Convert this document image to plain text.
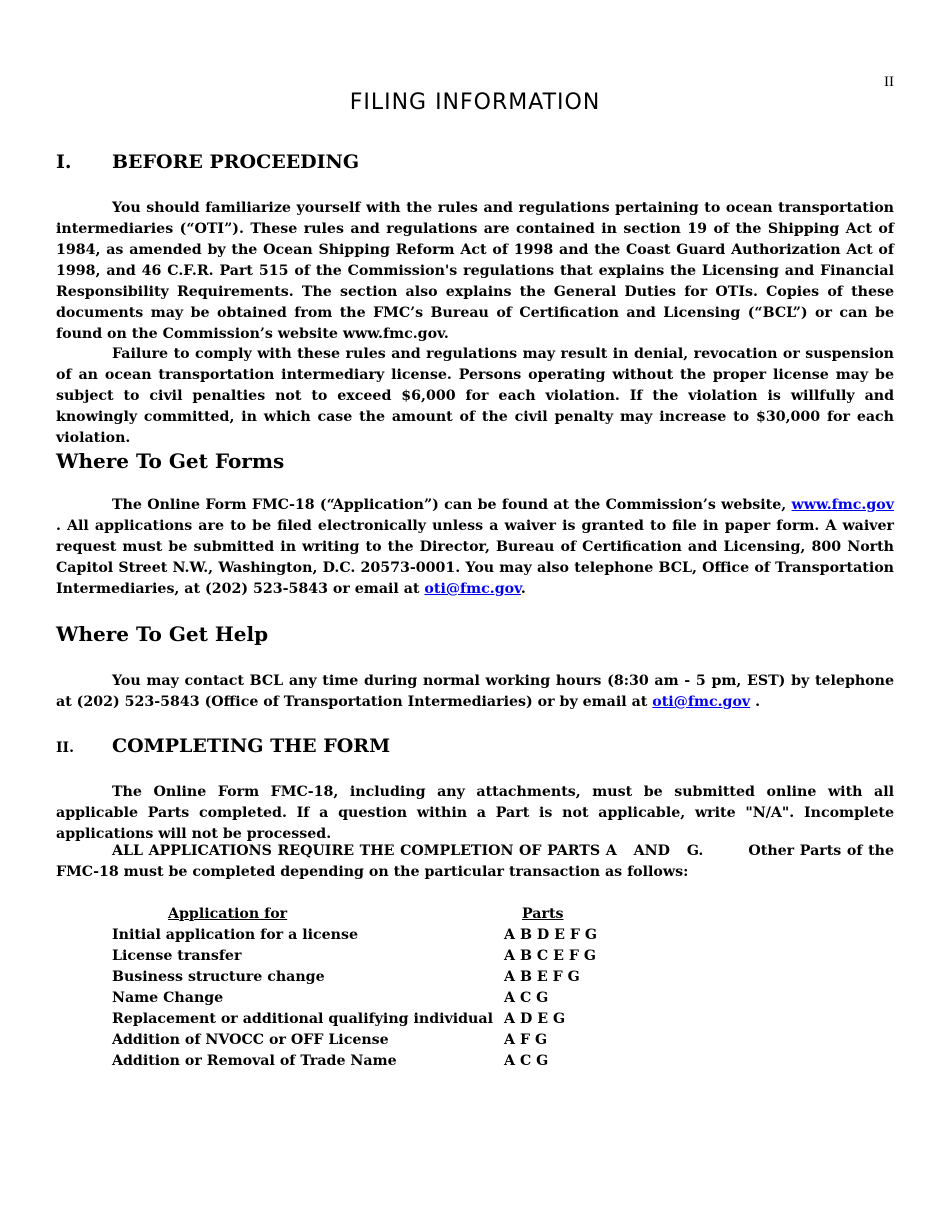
II
FILING INFORMATION
I. BEFORE PROCEEDING
You should familiarize yourself with the rules and regulations pertaining to ocean transportation intermediaries (“OTI”). These rules and regulations are contained in section 19 of the Shipping Act of 1984, as amended by the Ocean Shipping Reform Act of 1998 and the Coast Guard Authorization Act of 1998, and 46 C.F.R. Part 515 of the Commission's regulations that explains the Licensing and Financial Responsibility Requirements. The section also explains the General Duties for OTIs. Copies of these documents may be obtained from the FMC’s Bureau of Certification and Licensing (“BCL”) or can be found on the Commission’s website www.fmc.gov.
Failure to comply with these rules and regulations may result in denial, revocation or suspension of an ocean transportation intermediary license. Persons operating without the proper license may be subject to civil penalties not to exceed $6,000 for each violation. If the violation is willfully and knowingly committed, in which case the amount of the civil penalty may increase to $30,000 for each violation.
Where To Get Forms
The Online Form FMC-18 (“Application”) can be found at the Commission’s website, www.fmc.gov . All applications are to be filed electronically unless a waiver is granted to file in paper form. A waiver request must be submitted in writing to the Director, Bureau of Certification and Licensing, 800 North Capitol Street N.W., Washington, D.C. 20573-0001. You may also telephone BCL, Office of Transportation Intermediaries, at (202) 523-5843 or email at oti@fmc.gov.
Where To Get Help
You may contact BCL any time during normal working hours (8:30 am - 5 pm, EST) by telephone at (202) 523-5843 (Office of Transportation Intermediaries) or by email at oti@fmc.gov .
II. COMPLETING THE FORM
The Online Form FMC-18, including any attachments, must be submitted online with all applicable Parts completed. If a question within a Part is not applicable, write "N/A". Incomplete applications will not be processed.
ALL APPLICATIONS REQUIRE THE COMPLETION OF PARTS A   AND   G.        Other Parts of the FMC-18 must be completed depending on the particular transaction as follows:
Application for	Parts
Initial application for a license	A B D E F G
License transfer	A B C E F G
Business structure change	A B E F G
Name Change	A C G
Replacement or additional qualifying individual A D E G
Addition of NVOCC or OFF License	A F G
Addition or Removal of Trade Name	A C G
